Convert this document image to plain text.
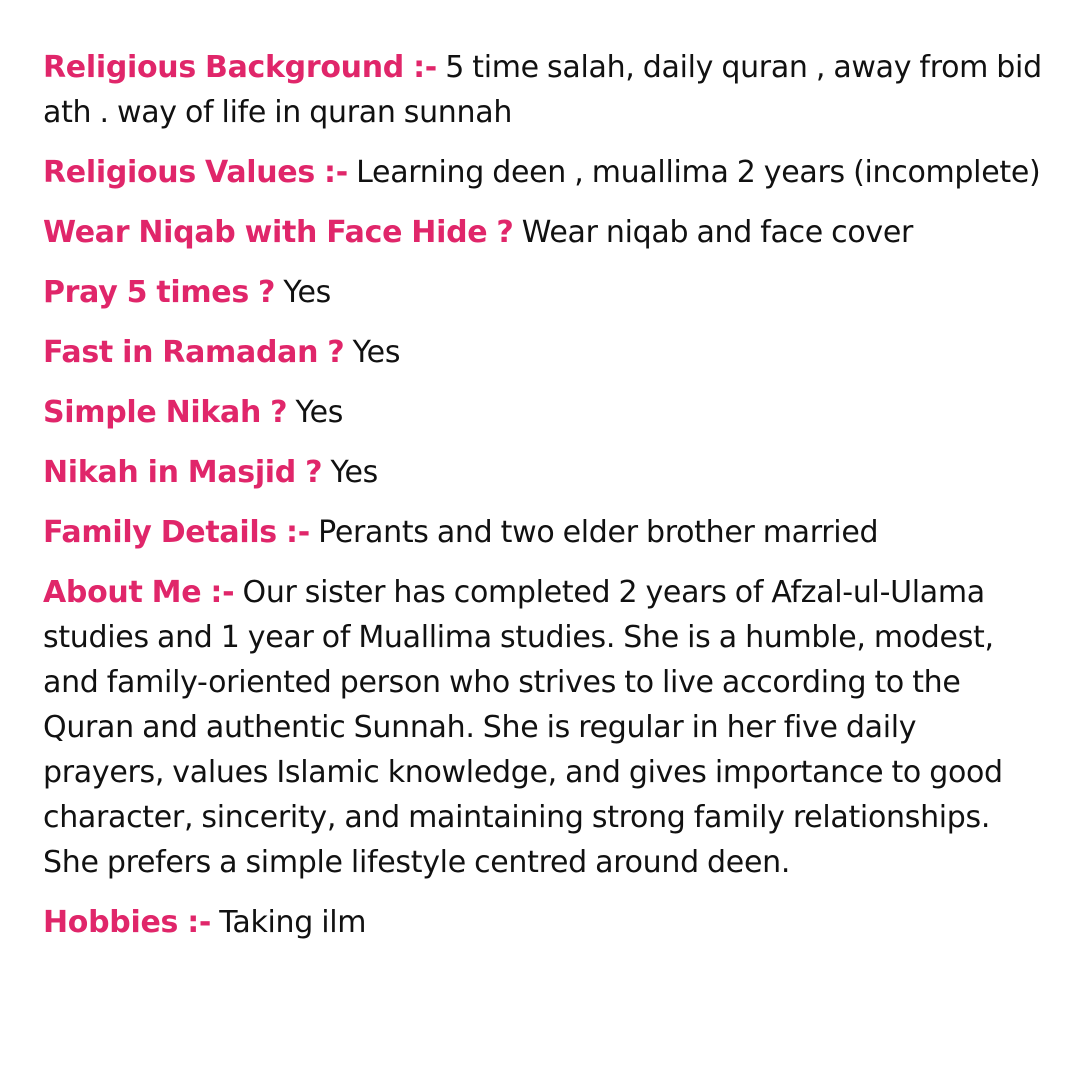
Religious Background :- 5 time salah, daily quran , away from bid ath . way of life in quran sunnah

Religious Values :- Learning deen , muallima 2 years (incomplete)

Wear Niqab with Face Hide ? Wear niqab and face cover

Pray 5 times ? Yes

Fast in Ramadan ? Yes

Simple Nikah ? Yes

Nikah in Masjid ? Yes

Family Details :- Perants and two elder brother married

About Me :- Our sister has completed 2 years of Afzal-ul-Ulama studies and 1 year of Muallima studies. She is a humble, modest, and family-oriented person who strives to live according to the Quran and authentic Sunnah. She is regular in her five daily prayers, values Islamic knowledge, and gives importance to good character, sincerity, and maintaining strong family relationships. She prefers a simple lifestyle centred around deen.

Hobbies :- Taking ilm
